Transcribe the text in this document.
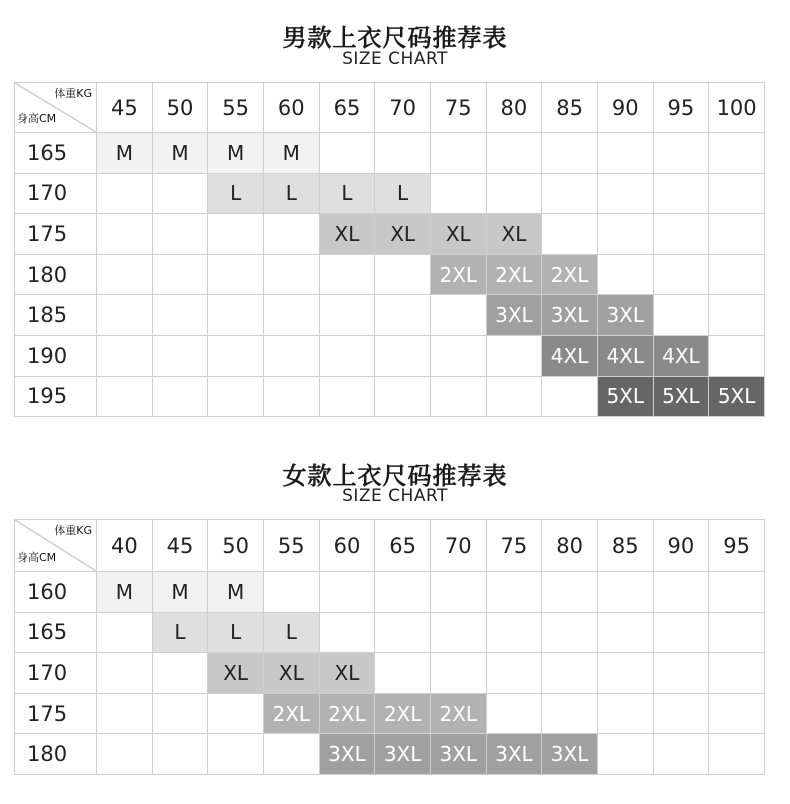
男款上衣尺码推荐表
SIZE CHART
体重KG
身高CM	45	50	55	60	65	70	75	80	85	90	95	100
165	M	M	M	M								
170			L	L	L	L						
175					XL	XL	XL	XL				
180							2XL	2XL	2XL			
185								3XL	3XL	3XL		
190									4XL	4XL	4XL	
195										5XL	5XL	5XL
女款上衣尺码推荐表
SIZE CHART
体重KG
身高CM	40	45	50	55	60	65	70	75	80	85	90	95
160	M	M	M									
165		L	L	L								
170			XL	XL	XL							
175				2XL	2XL	2XL	2XL					
180					3XL	3XL	3XL	3XL	3XL			
